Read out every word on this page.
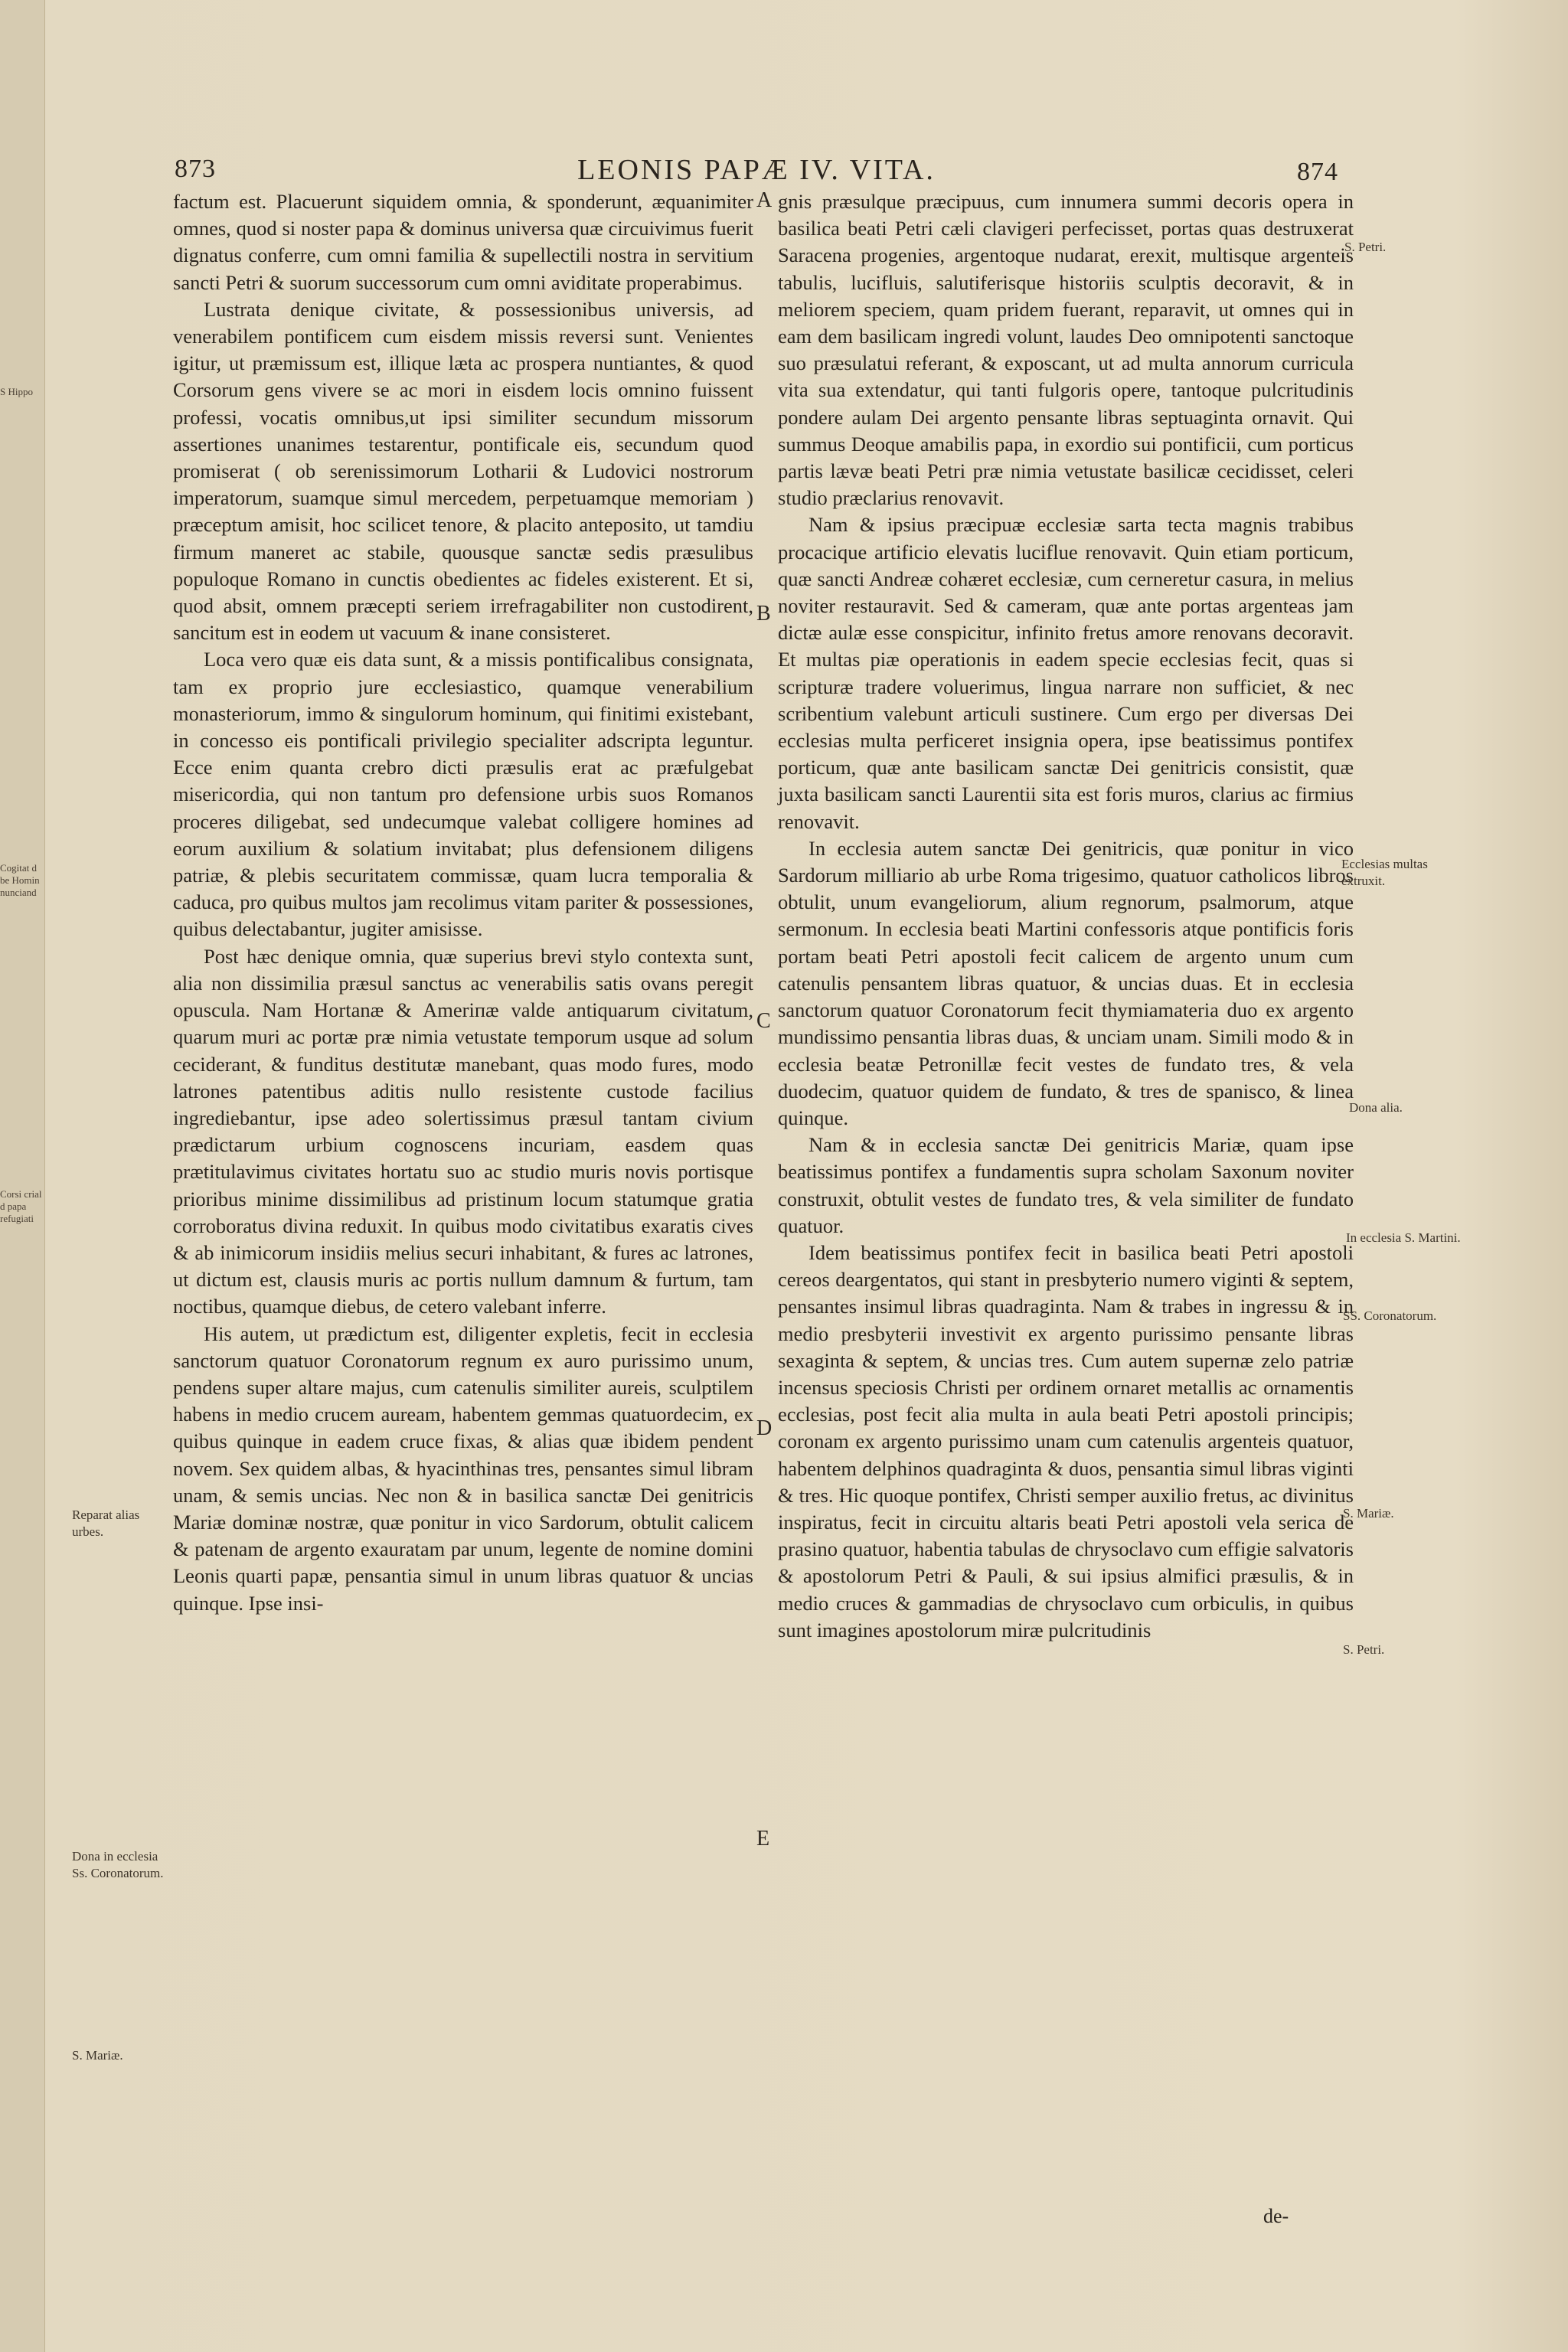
S Hippo
Cogitat d
be Homin
nunciand
Corsi crial
d papa
refugiati
873	LEONIS PAPÆ IV. VITA.	874

factum est. Placuerunt siquidem omnia, & sponderunt, æquanimiter omnes, quod si noster papa & dominus universa quæ circuivimus fuerit dignatus conferre, cum omni familia & supellectili nostra in servitium sancti Petri & suorum successorum cum omni aviditate properabimus.

Lustrata denique civitate, & possessionibus universis, ad venerabilem pontificem cum eisdem missis reversi sunt. Venientes igitur, ut præmissum est, illique læta ac prospera nuntiantes, & quod Corsorum gens vivere se ac mori in eisdem locis omnino fuissent professi, vocatis omnibus,ut ipsi similiter secundum missorum assertiones unanimes testarentur, pontificale eis, secundum quod promiserat ( ob serenissimorum Lotharii & Ludovici nostrorum imperatorum, suamque simul mercedem, perpetuamque memoriam ) præceptum amisit, hoc scilicet tenore, & placito anteposito, ut tamdiu firmum maneret ac stabile, quousque sanctæ sedis præsulibus populoque Romano in cunctis obedientes ac fideles existerent. Et si, quod absit, omnem præcepti seriem irrefragabiliter non custodirent, sancitum est in eodem ut vacuum & inane consisteret.

Loca vero quæ eis data sunt, & a missis pontificalibus consignata, tam ex proprio jure ecclesiastico, quamque venerabilium monasteriorum, immo & singulorum hominum, qui finitimi existebant, in concesso eis pontificali privilegio specialiter adscripta leguntur. Ecce enim quanta crebro dicti præsulis erat ac præfulgebat misericordia, qui non tantum pro defensione urbis suos Romanos proceres diligebat, sed undecumque valebat colligere homines ad eorum auxilium & solatium invitabat; plus defensionem diligens patriæ, & plebis securitatem commissæ, quam lucra temporalia & caduca, pro quibus multos jam recolimus vitam pariter & possessiones, quibus delectabantur, jugiter amisisse.

Post hæc denique omnia, quæ superius brevi stylo contexta sunt, alia non dissimilia præsul sanctus ac venerabilis satis ovans peregit opuscula. Nam Hortanæ & Ameriпæ valde antiquarum civitatum, quarum muri ac portæ præ nimia vetustate temporum usque ad solum ceciderant, & funditus destitutæ manebant, quas modo fures, modo latrones patentibus aditis nullo resistente custode facilius ingrediebantur, ipse adeo solertissimus præsul tantam civium prædictarum urbium cognoscens incuriam, easdem quas prætitulavimus civitates hortatu suo ac studio muris novis portisque prioribus minime dissimilibus ad pristinum locum statumque gratia corroboratus divina reduxit. In quibus modo civitatibus exaratis cives & ab inimicorum insidiis melius securi inhabitant, & fures ac latrones, ut dictum est, clausis muris ac portis nullum damnum & furtum, tam noctibus, quamque diebus, de cetero valebant inferre.

His autem, ut prædictum est, diligenter expletis, fecit in ecclesia sanctorum quatuor Coronatorum regnum ex auro purissimo unum, pendens super altare majus, cum catenulis similiter aureis, sculptilem habens in medio crucem auream, habentem gemmas quatuordecim, ex quibus quinque in eadem cruce fixas, & alias quæ ibidem pendent novem. Sex quidem albas, & hyacinthinas tres, pensantes simul libram unam, & semis uncias. Nec non & in basilica sanctæ Dei genitricis Mariæ dominæ nostræ, quæ ponitur in vico Sardorum, obtulit calicem & patenam de argento exauratam par unum, legente de nomine domini Leonis quarti papæ, pensantia simul in unum libras quatuor & uncias quinque. Ipse insi-

gnis præsulque præcipuus, cum innumera summi decoris opera in basilica beati Petri cæli clavigeri perfecisset, portas quas destruxerat Saracena progenies, argentoque nudarat, erexit, multisque argenteis tabulis, lucifluis, salutiferisque historiis sculptis decoravit, & in meliorem speciem, quam pridem fuerant, reparavit, ut omnes qui in eam dem basilicam ingredi volunt, laudes Deo omnipotenti sanctoque suo præsulatui referant, & exposcant, ut ad multa annorum curricula vita sua extendatur, qui tanti fulgoris opere, tantoque pulcritudinis pondere aulam Dei argento pensante libras septuaginta ornavit. Qui summus Deoque amabilis papa, in exordio sui pontificii, cum porticus partis lævæ beati Petri præ nimia vetustate basilicæ cecidisset, celeri studio præclarius renovavit.

Nam & ipsius præcipuæ ecclesiæ sarta tecta magnis trabibus procacique artificio elevatis luciflue renovavit. Quin etiam porticum, quæ sancti Andreæ cohæret ecclesiæ, cum cerneretur casura, in melius noviter restauravit. Sed & cameram, quæ ante portas argenteas jam dictæ aulæ esse conspicitur, infinito fretus amore renovans decoravit. Et multas piæ operationis in eadem specie ecclesias fecit, quas si scripturæ tradere voluerimus, lingua narrare non sufficiet, & nec scribentium valebunt articuli sustinere. Cum ergo per diversas Dei ecclesias multa perficeret insignia opera, ipse beatissimus pontifex porticum, quæ ante basilicam sanctæ Dei genitricis consistit, quæ juxta basilicam sancti Laurentii sita est foris muros, clarius ac firmius renovavit.

In ecclesia autem sanctæ Dei genitricis, quæ ponitur in vico Sardorum milliario ab urbe Roma trigesimo, quatuor catholicos libros obtulit, unum evangeliorum, alium regnorum, psalmorum, atque sermonum. In ecclesia beati Martini confessoris atque pontificis foris portam beati Petri apostoli fecit calicem de argento unum cum catenulis pensantem libras quatuor, & uncias duas. Et in ecclesia sanctorum quatuor Coronatorum fecit thymiamateria duo ex argento mundissimo pensantia libras duas, & unciam unam. Simili modo & in ecclesia beatæ Petronillæ fecit vestes de fundato tres, & vela duodecim, quatuor quidem de fundato, & tres de spanisco, & linea quinque.

Nam & in ecclesia sanctæ Dei genitricis Mariæ, quam ipse beatissimus pontifex a fundamentis supra scholam Saxonum noviter construxit, obtulit vestes de fundato tres, & vela similiter de fundato quatuor.

Idem beatissimus pontifex fecit in basilica beati Petri apostoli cereos deargentatos, qui stant in presbyterio numero viginti & septem, pensantes insimul libras quadraginta. Nam & trabes in ingressu & in medio presbyterii investivit ex argento purissimo pensante libras sexaginta & septem, & uncias tres. Cum autem supernæ zelo patriæ incensus speciosis Christi per ordinem ornaret metallis ac ornamentis ecclesias, post fecit alia multa in aula beati Petri apostoli principis; coronam ex argento purissimo unam cum catenulis argenteis quatuor, habentem delphinos quadraginta & duos, pensantia simul libras viginti & tres. Hic quoque pontifex, Christi semper auxilio fretus, ac divinitus inspiratus, fecit in circuitu altaris beati Petri apostoli vela serica de prasino quatuor, habentia tabulas de chrysoclavo cum effigie salvatoris & apostolorum Petri & Pauli, & sui ipsius almifici præsulis, & in medio cruces & gammadias de chrysoclavo cum orbiculis, in quibus sunt imagines apostolorum miræ pulcritudinis

A
B
C
D
E
Reparat alias urbes.
Dona in ecclesia Ss. Coronatorum.
S. Mariæ.
S. Petri.
Ecclesias multas extruxit.
Dona alia.
In ecclesia S. Martini.
SS. Coronatorum.
S. Mariæ.
S. Petri.
de-
